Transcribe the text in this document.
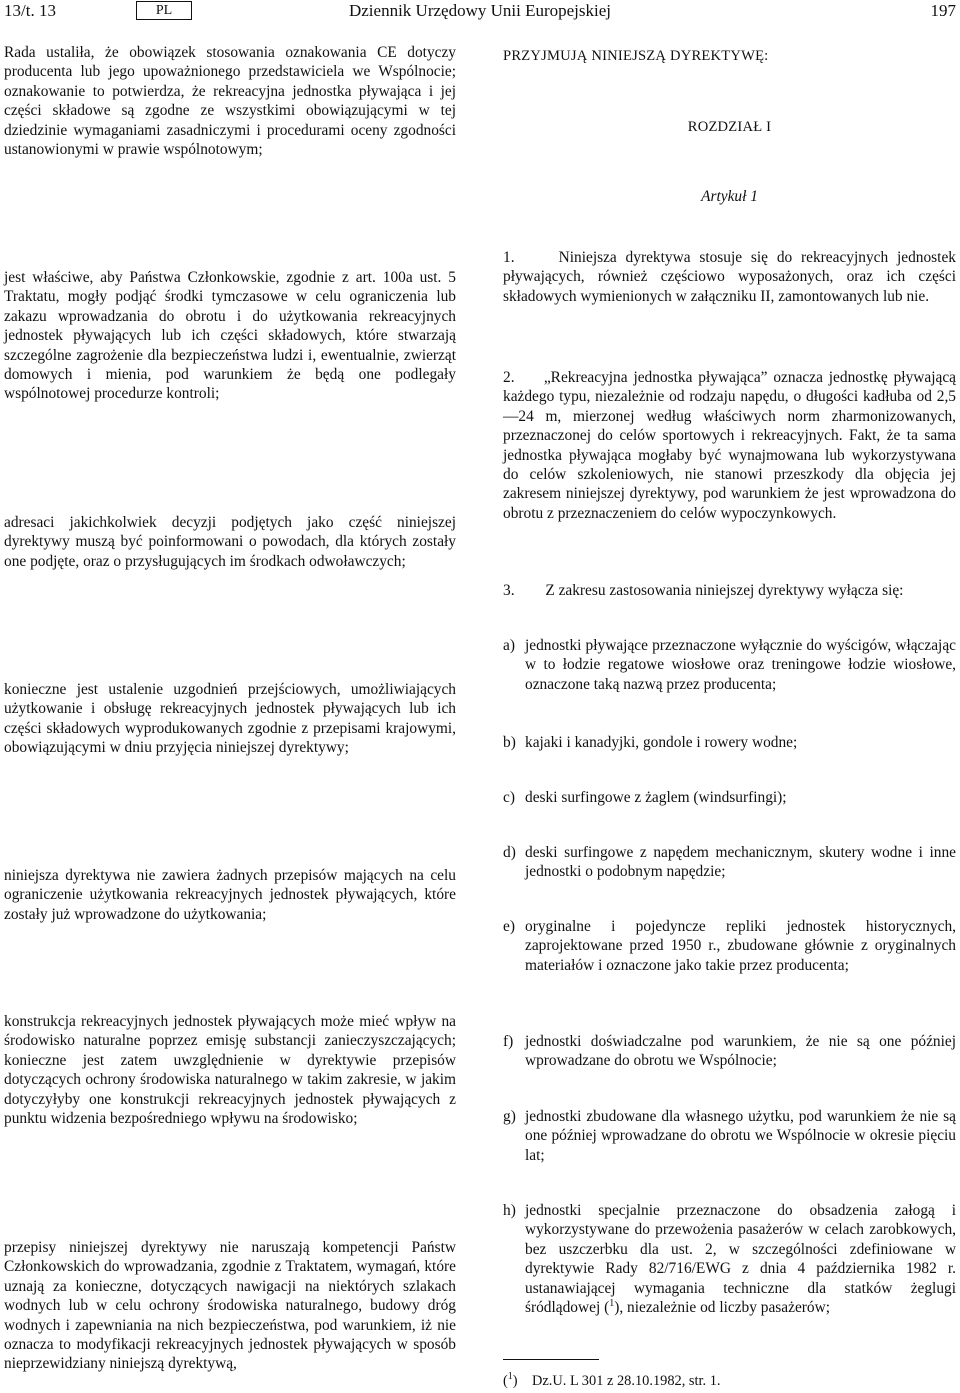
13/t. 13	PL	Dziennik Urzędowy Unii Europejskiej	197

Rada ustaliła, że obowiązek stosowania oznakowania CE dotyczy producenta lub jego upoważnionego przedstawiciela we Wspólnocie; oznakowanie to potwierdza, że rekreacyjna jednostka pływająca i jej części składowe są zgodne ze wszystkimi obowiązującymi w tej dziedzinie wymaganiami zasadniczymi i procedurami oceny zgodności ustanowionymi w prawie wspólnotowym;

jest właściwe, aby Państwa Członkowskie, zgodnie z art. 100a ust. 5 Traktatu, mogły podjąć środki tymczasowe w celu ograniczenia lub zakazu wprowadzania do obrotu i do użytkowania rekreacyjnych jednostek pływających lub ich części składowych, które stwarzają szczególne zagrożenie dla bezpieczeństwa ludzi i, ewentualnie, zwierząt domowych i mienia, pod warunkiem że będą one podlegały wspólnotowej procedurze kontroli;

adresaci jakichkolwiek decyzji podjętych jako część niniejszej dyrektywy muszą być poinformowani o powodach, dla których zostały one podjęte, oraz o przysługujących im środkach odwoławczych;

konieczne jest ustalenie uzgodnień przejściowych, umożliwiających użytkowanie i obsługę rekreacyjnych jednostek pływających lub ich części składowych wyprodukowanych zgodnie z przepisami krajowymi, obowiązującymi w dniu przyjęcia niniejszej dyrektywy;

niniejsza dyrektywa nie zawiera żadnych przepisów mających na celu ograniczenie użytkowania rekreacyjnych jednostek pływających, które zostały już wprowadzone do użytkowania;

konstrukcja rekreacyjnych jednostek pływających może mieć wpływ na środowisko naturalne poprzez emisję substancji zanieczyszczających; konieczne jest zatem uwzględnienie w dyrektywie przepisów dotyczących ochrony środowiska naturalnego w takim zakresie, w jakim dotyczyłyby one konstrukcji rekreacyjnych jednostek pływających z punktu widzenia bezpośredniego wpływu na środowisko;

przepisy niniejszej dyrektywy nie naruszają kompetencji Państw Członkowskich do wprowadzania, zgodnie z Traktatem, wymagań, które uznają za konieczne, dotyczących nawigacji na niektórych szlakach wodnych lub w celu ochrony środowiska naturalnego, budowy dróg wodnych i zapewniania na nich bezpieczeństwa, pod warunkiem, iż nie oznacza to modyfikacji rekreacyjnych jednostek pływających w sposób nieprzewidziany niniejszą dyrektywą,

PRZYJMUJĄ NINIEJSZĄ DYREKTYWĘ:

ROZDZIAŁ I

Artykuł 1

1.	Niniejsza dyrektywa stosuje się do rekreacyjnych jednostek pływających, również częściowo wyposażonych, oraz ich części składowych wymienionych w załączniku II, zamontowanych lub nie.

2. „Rekreacyjna jednostka pływająca” oznacza jednostkę pływającą każdego typu, niezależnie od rodzaju napędu, o długości kadłuba od 2,5—24 m, mierzonej według właściwych norm zharmonizowanych, przeznaczonej do celów sportowych i rekreacyjnych. Fakt, że ta sama jednostka pływająca mogłaby być wynajmowana lub wykorzystywana do celów szkoleniowych, nie stanowi przeszkody dla objęcia jej zakresem niniejszej dyrektywy, pod warunkiem że jest wprowadzona do obrotu z przeznaczeniem do celów wypoczynkowych.

3. Z zakresu zastosowania niniejszej dyrektywy wyłącza się:

a) jednostki pływające przeznaczone wyłącznie do wyścigów, włączając w to łodzie regatowe wiosłowe oraz treningowe łodzie wiosłowe, oznaczone taką nazwą przez producenta;
b) kajaki i kanadyjki, gondole i rowery wodne;
c) deski surfingowe z żaglem (windsurfingi);
d) deski surfingowe z napędem mechanicznym, skutery wodne i inne jednostki o podobnym napędzie;
e) oryginalne i pojedyncze repliki jednostek historycznych, zaprojektowane przed 1950 r., zbudowane głównie z oryginalnych materiałów i oznaczone jako takie przez producenta;
f) jednostki doświadczalne pod warunkiem, że nie są one później wprowadzane do obrotu we Wspólnocie;
g) jednostki zbudowane dla własnego użytku, pod warunkiem że nie są one później wprowadzane do obrotu we Wspólnocie w okresie pięciu lat;
h) jednostki specjalnie przeznaczone do obsadzenia załogą i wykorzystywane do przewożenia pasażerów w celach zarobkowych, bez uszczerbku dla ust. 2, w szczególności zdefiniowane w dyrektywie Rady 82/716/EWG z dnia 4 października 1982 r. ustanawiającej wymagania techniczne dla statków żeglugi śródlądowej ($^1$), niezależnie od liczby pasażerów;
($^1$)    Dz.U. L 301 z 28.10.1982, str. 1.
